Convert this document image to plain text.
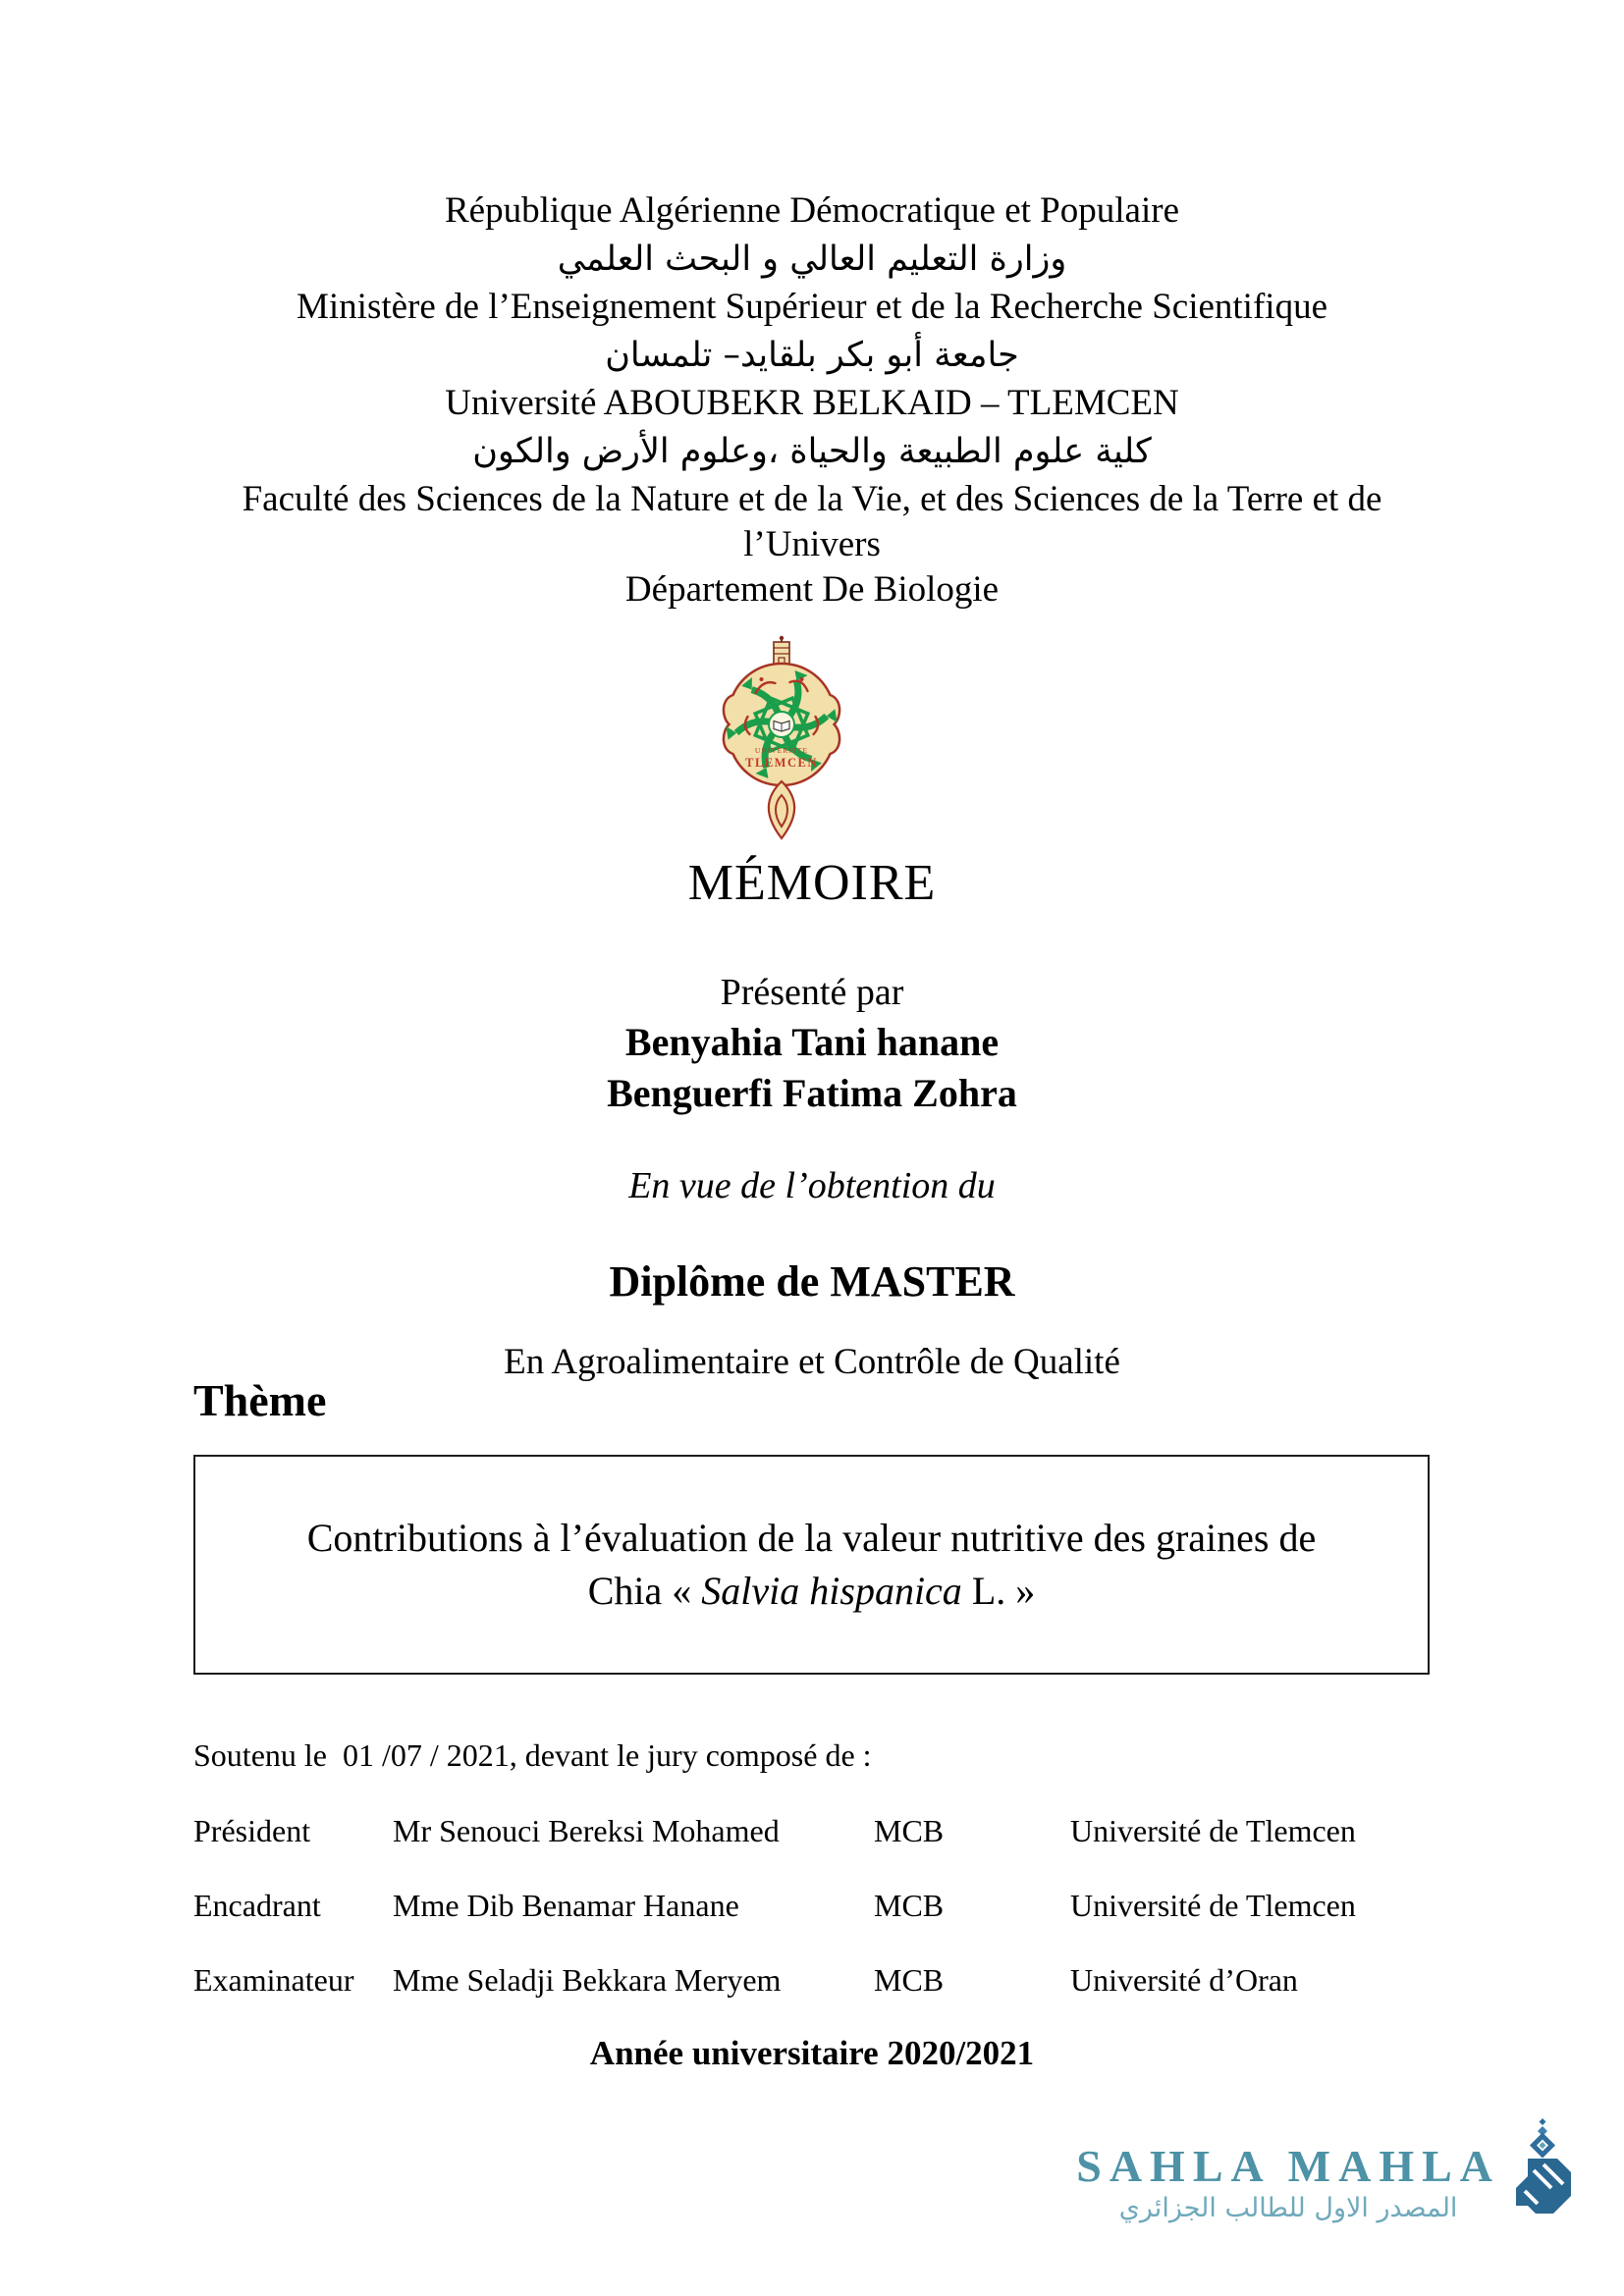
République Algérienne Démocratique et Populaire
وزارة التعليم العالي و البحث العلمي
Ministère de l’Enseignement Supérieur et de la Recherche Scientifique
جامعة أبو بكر بلقايد– تلمسان
Université ABOUBEKR BELKAID – TLEMCEN
كلية علوم الطبيعة والحياة ،وعلوم الأرض والكون
Faculté des Sciences de la Nature et de la Vie, et des Sciences de la Terre et de
l’Univers
Département De Biologie
UNIVERSITE
TLEMCEN
MÉMOIRE
Présenté par
Benyahia Tani hanane
Benguerfi Fatima Zohra
En vue de l’obtention du
Diplôme de MASTER
En Agroalimentaire et Contrôle de Qualité
Thème
Contributions à l’évaluation de la valeur nutritive des graines de
Chia « Salvia hispanica L. »
Soutenu le  01 /07 / 2021, devant le jury composé de :
Président	Mr Senouci Bereksi Mohamed	MCB	Université de Tlemcen
Encadrant	Mme Dib Benamar Hanane	MCB	Université de Tlemcen
Examinateur	Mme Seladji Bekkara Meryem	MCB	Université d’Oran
Année universitaire 2020/2021
SAHLA MAHLA
المصدر الاول للطالب الجزائري
